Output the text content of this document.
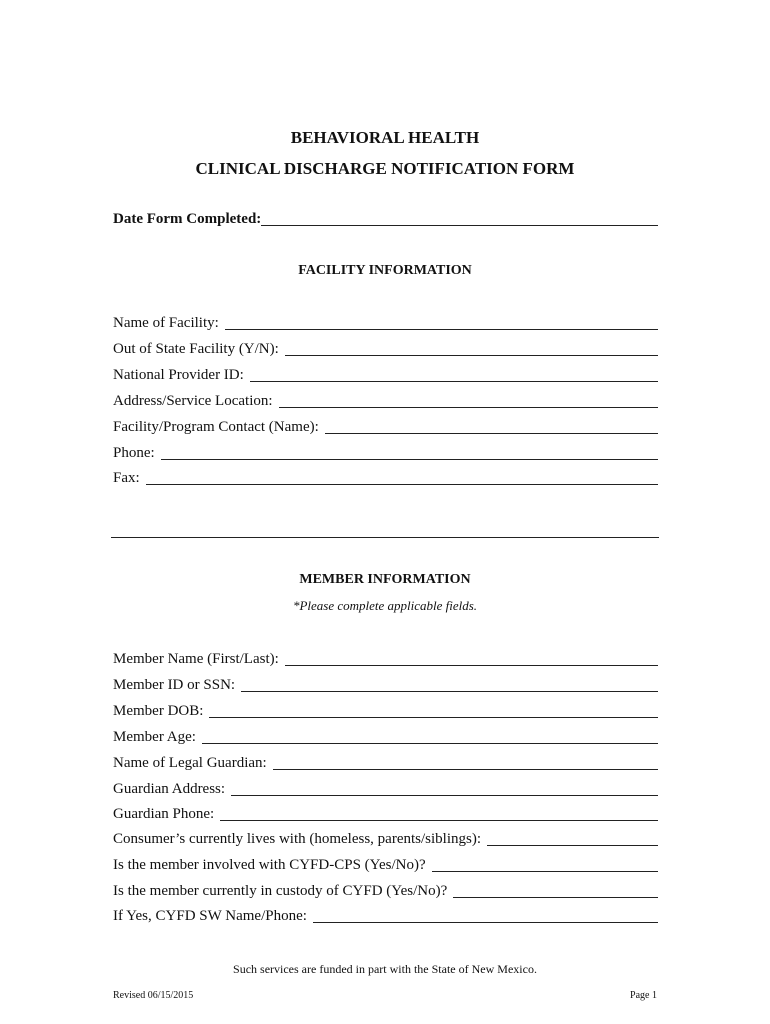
BEHAVIORAL HEALTH
CLINICAL DISCHARGE NOTIFICATION FORM
Date Form Completed:
FACILITY INFORMATION
Name of Facility:
Out of State Facility (Y/N):
National Provider ID:
Address/Service Location:
Facility/Program Contact (Name):
Phone:
Fax:
MEMBER INFORMATION
*Please complete applicable fields.
Member Name (First/Last):
Member ID or SSN:
Member DOB:
Member Age:
Name of Legal Guardian:
Guardian Address:
Guardian Phone:
Consumer’s currently lives with (homeless, parents/siblings):
Is the member involved with CYFD-CPS (Yes/No)?
Is the member currently in custody of CYFD (Yes/No)?
If Yes, CYFD SW Name/Phone:
Such services are funded in part with the State of New Mexico.
Revised 06/15/2015	Page 1
